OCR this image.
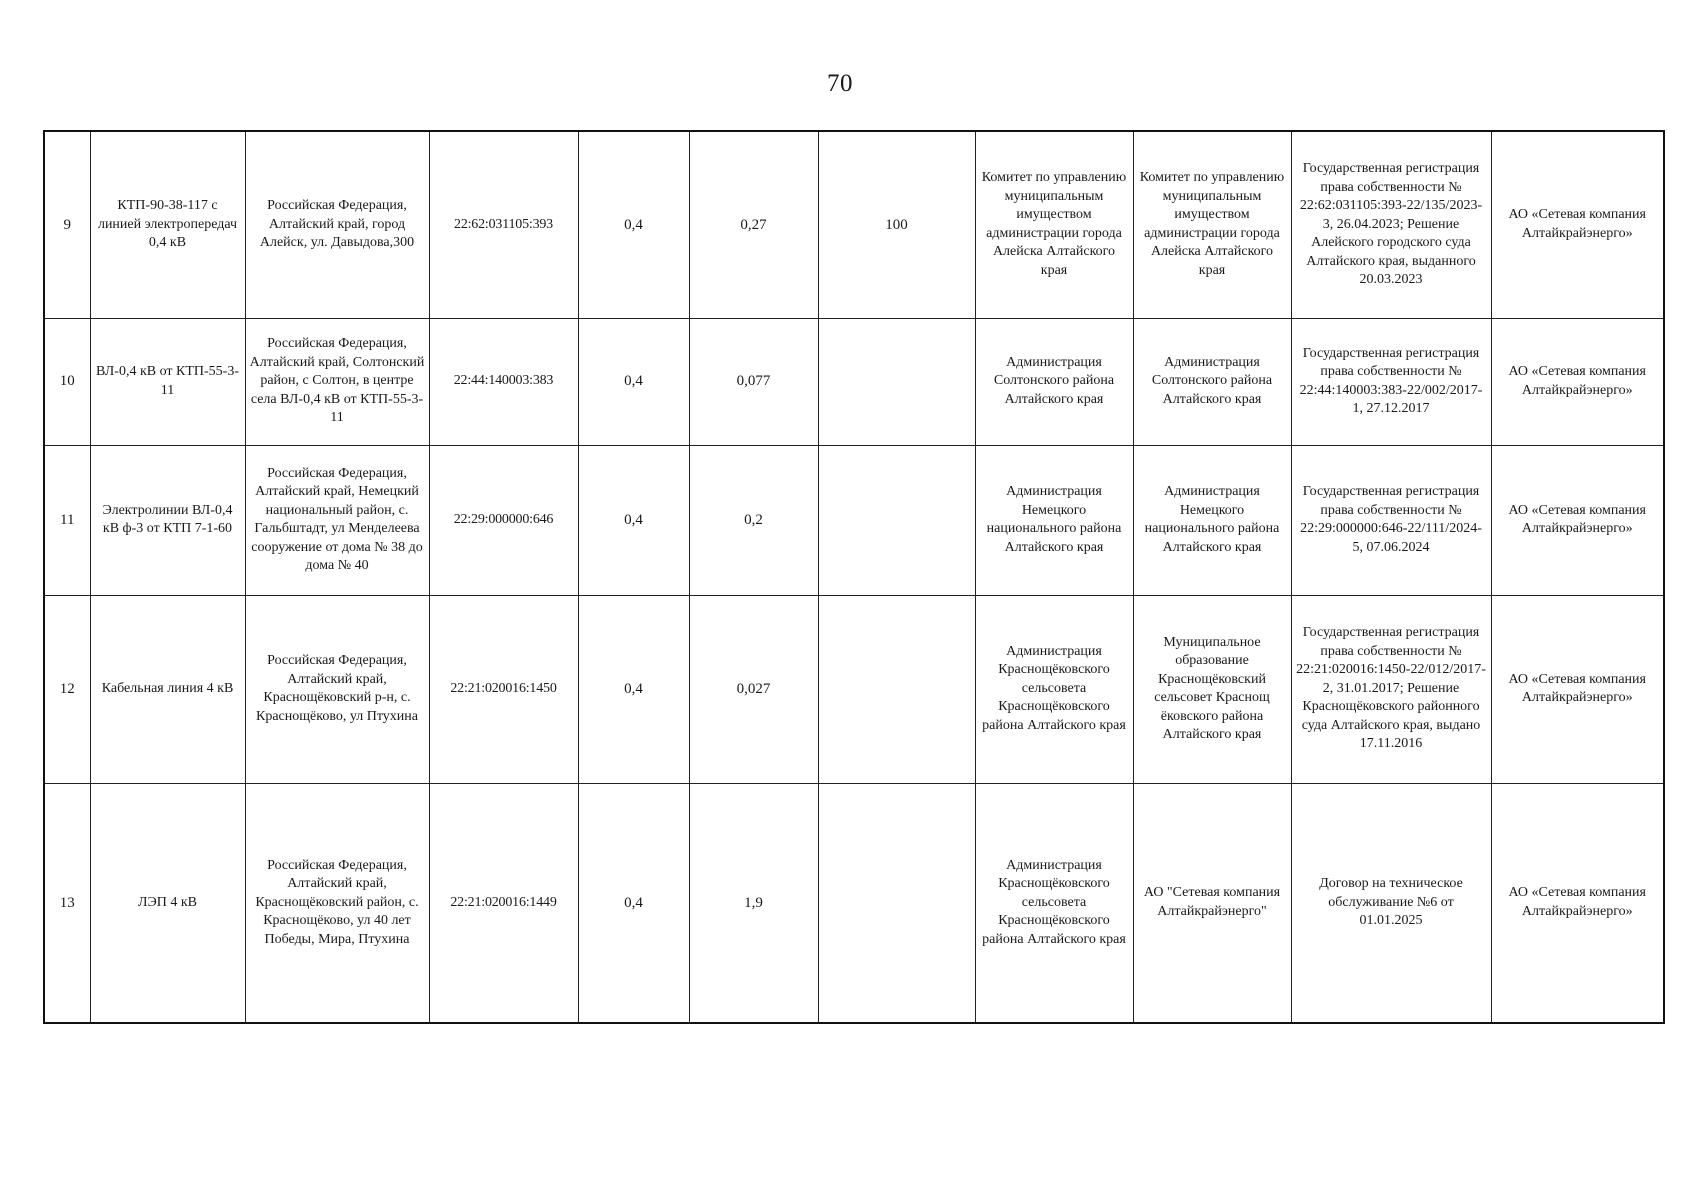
70
9	КТП-90-38-117 с линией электропередач 0,4 кВ	Российская Федерация, Алтайский край, город Алейск, ул. Давыдова,300	22:62:031105:393	0,4	0,27	100	Комитет по управлению муниципальным имуществом администрации города Алейска Алтайского края	Комитет по управлению муниципальным имуществом администрации города Алейска Алтайского края	Государственная регистрация права собственности № 22:62:031105:393-22/135/2023-3, 26.04.2023; Решение Алейского городского суда Алтайского края, выданного 20.03.2023	АО «Сетевая компания Алтайкрайэнерго»
10	ВЛ-0,4 кВ от КТП-55-3-11	Российская Федерация, Алтайский край, Солтонский район, с Солтон, в центре села ВЛ-0,4 кВ от КТП-55-3-11	22:44:140003:383	0,4	0,077		Администрация Солтонского района Алтайского края	Администрация Солтонского района Алтайского края	Государственная регистрация права собственности № 22:44:140003:383-22/002/2017-1, 27.12.2017	АО «Сетевая компания Алтайкрайэнерго»
11	Электролинии ВЛ-0,4 кВ ф-3 от КТП 7-1-60	Российская Федерация, Алтайский край, Немецкий национальный район, с. Гальбштадт, ул Менделеева сооружение от дома № 38 до дома № 40	22:29:000000:646	0,4	0,2		Администрация Немецкого национального района Алтайского края	Администрация Немецкого национального района Алтайского края	Государственная регистрация права собственности № 22:29:000000:646-22/111/2024-5, 07.06.2024	АО «Сетевая компания Алтайкрайэнерго»
12	Кабельная линия 4 кВ	Российская Федерация, Алтайский край, Краснощёковский р-н, с. Краснощёково, ул Птухина	22:21:020016:1450	0,4	0,027		Администрация Краснощёковского сельсовета Краснощёковского района Алтайского края	Муниципальное образование Краснощёковский сельсовет Краснощ ёковского района Алтайского края	Государственная регистрация права собственности № 22:21:020016:1450-22/012/2017-2, 31.01.2017; Решение Краснощёковского районного суда Алтайского края, выдано 17.11.2016	АО «Сетевая компания Алтайкрайэнерго»
13	ЛЭП 4 кВ	Российская Федерация, Алтайский край, Краснощёковский район, с. Краснощёково, ул 40 лет Победы, Мира, Птухина	22:21:020016:1449	0,4	1,9		Администрация Краснощёковского сельсовета Краснощёковского района Алтайского края	АО "Сетевая компания Алтайкрайэнерго"	Договор на техническое обслуживание №6 от 01.01.2025	АО «Сетевая компания Алтайкрайэнерго»
